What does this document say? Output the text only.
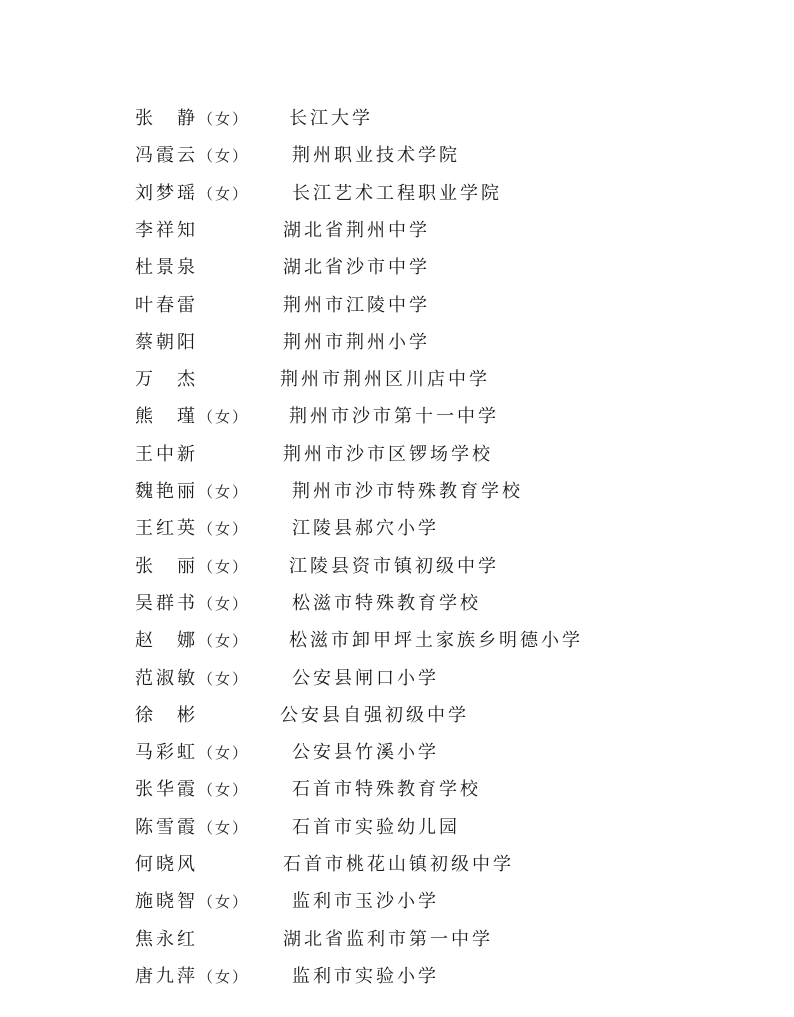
张　静（女） 长江大学
冯霞云（女） 荆州职业技术学院
刘梦瑶（女） 长江艺术工程职业学院
李祥知	湖北省荆州中学
杜景泉	湖北省沙市中学
叶春雷	荆州市江陵中学
蔡朝阳	荆州市荆州小学
万　杰	荆州市荆州区川店中学
熊　瑾（女） 荆州市沙市第十一中学
王中新	荆州市沙市区锣场学校
魏艳丽（女） 荆州市沙市特殊教育学校
王红英（女） 江陵县郝穴小学
张　丽（女） 江陵县资市镇初级中学
吴群书（女） 松滋市特殊教育学校
赵　娜（女） 松滋市卸甲坪土家族乡明德小学
范淑敏（女） 公安县闸口小学
徐　彬	公安县自强初级中学
马彩虹（女） 公安县竹溪小学
张华霞（女） 石首市特殊教育学校
陈雪霞（女） 石首市实验幼儿园
何晓风	石首市桃花山镇初级中学
施晓智（女） 监利市玉沙小学
焦永红	湖北省监利市第一中学
唐九萍（女） 监利市实验小学
